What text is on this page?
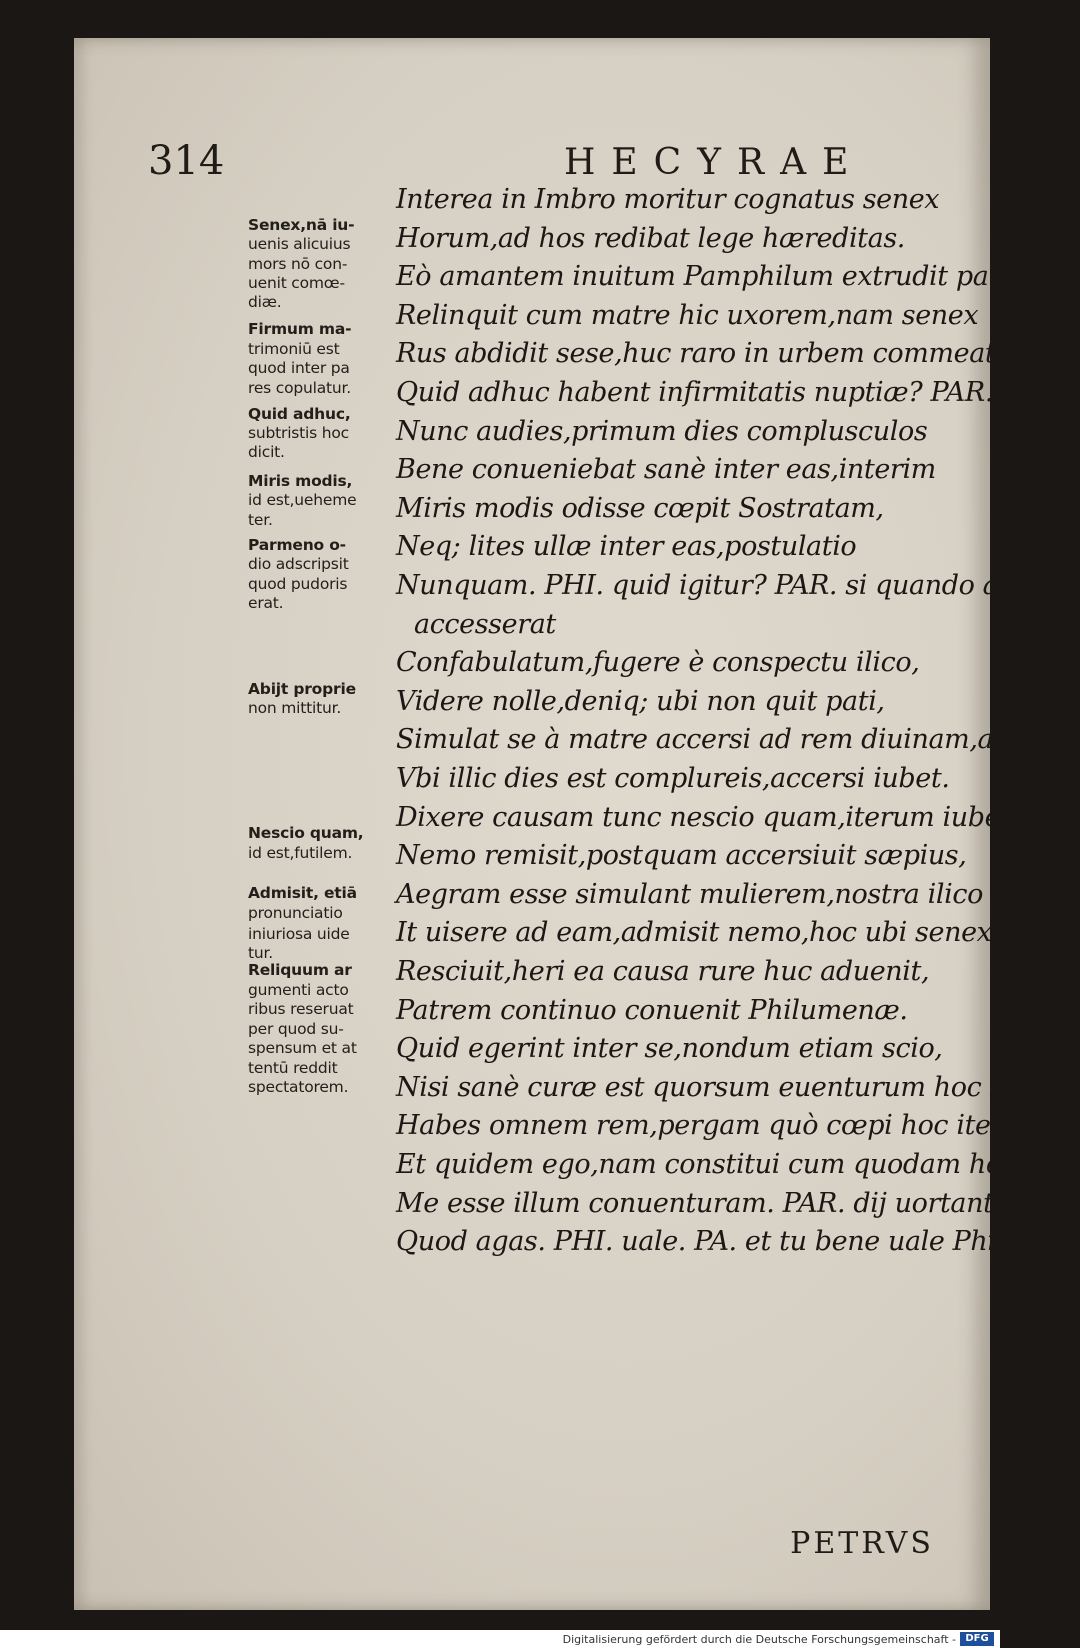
314	HECYRAE
Senex,nā iu-
uenis alicuius
mors nō con-
uenit comœ-
diæ.
Firmum ma-
trimoniū est
quod inter pa
res copulatur.
Quid adhuc,
subtristis hoc
dicit.
Miris modis,
id est,ueheme
ter.
Parmeno o-
dio adscripsit
quod pudoris
erat.
Abijt proprie
non mittitur.
Nescio quam,
id est,futilem.
Admisit, etiā
pronunciatio
iniuriosa uide
tur.
Reliquum ar
gumenti acto
ribus reseruat
per quod su-
spensum et at
tentū reddit
spectatorem.
Interea in Imbro moritur cognatus senex
Horum,ad hos redibat lege hæreditas.
Eò amantem inuitum Pamphilum extrudit pater.
Relinquit cum matre hic uxorem,nam senex
Rus abdidit sese,huc raro in urbem commeat. PHI.
Quid adhuc habent infirmitatis nuptiæ? PAR.
Nunc audies,primum dies complusculos
Bene conueniebat sanè inter eas,interim
Miris modis odisse cœpit Sostratam,
Neq; lites ullæ inter eas,postulatio
Nunquam. PHI. quid igitur? PAR. si quando ad eam
accesserat
Confabulatum,fugere è conspectu ilico,
Videre nolle,deniq; ubi non quit pati,
Simulat se à matre accersi ad rem diuinam,abijt.
Vbi illic dies est complureis,accersi iubet.
Dixere causam tunc nescio quam,iterum iubet,
Nemo remisit,postquam accersiuit sæpius,
Aegram esse simulant mulierem,nostra ilico
It uisere ad eam,admisit nemo,hoc ubi senex
Resciuit,heri ea causa rure huc aduenit,
Patrem continuo conuenit Philumenæ.
Quid egerint inter se,nondum etiam scio,
Nisi sanè curæ est quorsum euenturum hoc siet.
Habes omnem rem,pergam quò cœpi hoc iter. PHI.
Et quidem ego,nam constitui cum quodam hospite
Me esse illum conuenturam. PAR. dij uortant bene
Quod agas. PHI. uale. PA. et tu bene uale Philotion.
PETRVS
Digitalisierung gefördert durch die Deutsche Forschungsgemeinschaft - DFG
